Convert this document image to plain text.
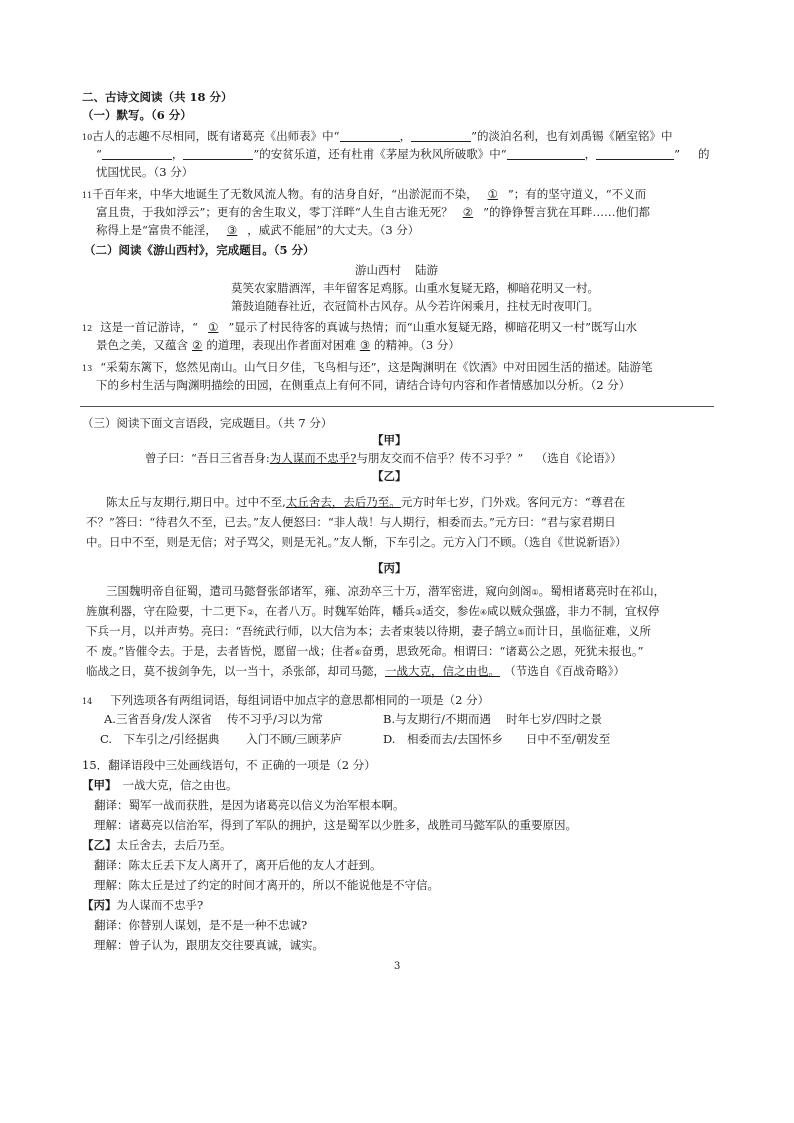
二、古诗文阅读（共 18 分）
（一）默写。（6 分）
10古人的志趣不尽相同，既有诸葛亮《出师表》中“	，	”的淡泊名利，也有刘禹锡《陋室铭》中
“	，	”的安贫乐道，还有杜甫《茅屋为秋风所破歌》中“	，	” 的
忧国忧民。（3 分）
11千百年来，中华大地诞生了无数风流人物。有的洁身自好，“出淤泥而不染， ① ”；有的坚守道义，“不义而
富且贵，于我如浮云”；更有的舍生取义，零丁洋畔“人生自古谁无死？ ② ”的铮铮誓言犹在耳畔……他们都
称得上是“富贵不能淫， ③ ，威武不能屈”的大丈夫。（3 分）
（二）阅读《游山西村》，完成题目。（5 分）
游山西村 陆游
莫笑农家腊酒浑，丰年留客足鸡豚。山重水复疑无路，柳暗花明又一村。
箫鼓追随春社近，衣冠简朴古风存。从今若许闲乘月，拄杖无时夜叩门。
12 这是一首记游诗，“ ① ”显示了村民待客的真诚与热情；而“山重水复疑无路，柳暗花明又一村”既写山水
景色之美，又蕴含 ② 的道理，表现出作者面对困难 ③ 的精神。（3 分）
13 “采菊东篱下，悠然见南山。山气日夕佳，飞鸟相与还”，这是陶渊明在《饮酒》中对田园生活的描述。陆游笔
下的乡村生活与陶渊明描绘的田园，在侧重点上有何不同，请结合诗句内容和作者情感加以分析。（2 分）
（三）阅读下面文言语段，完成题目。（共 7 分）
【甲】
曾子曰：“吾日三省吾身:为人谋而不忠乎?与朋友交而不信乎？传不习乎？” （选自《论语》）
【乙】
陈太丘与友期行,期日中。过中不至,太丘舍去，去后乃至。元方时年七岁，门外戏。客问元方：“尊君在
不？”答曰：“待君久不至，已去。”友人便怒曰：“非人哉！与人期行，相委而去。”元方曰：“君与家君期日
中。日中不至，则是无信；对子骂父，则是无礼。”友人惭，下车引之。元方入门不顾。（选自《世说新语》）
【丙】
三国魏明帝自征蜀，遣司马懿督张郃诸军，雍、凉劲卒三十万，潜军密进，窥向剑阁①。蜀相诸葛亮时在祁山，
旌旗利器，守在险要，十二更下②，在者八万。时魏军始阵，幡兵③适交，参佐④咸以贼众强盛，非力不制，宜权停
下兵一月，以并声势。亮曰：“吾统武行师，以大信为本；去者束装以待期，妻子鹄立⑤而计日，虽临征难，义所
不 废。”皆催令去。于是，去者皆悦，愿留一战；住者⑥奋勇，思致死命。相谓曰：“诸葛公之恩，死犹未报也。”
临战之日，莫不拔剑争先，以一当十，杀张郃，却司马懿，一战大克，信之由也。 （节选自《百战奇略》）
14 下列选项各有两组词语，每组词语中加点字的意思都相同的一项是（2 分）
A.三省吾身/发人深省　 传不习乎/习以为常	B.与友期行/不期而遇　 时年七岁/四时之景
C.　下车引之/引经据典　　 入门不顾/三顾茅庐	D.　相委而去/去国怀乡　　日中不至/朝发至
15．翻译语段中三处画线语句，不 正确的一项是（2 分）
【甲】 一战大克，信之由也。
翻译：蜀军一战而获胜，是因为诸葛亮以信义为治军根本啊。
理解：诸葛亮以信治军，得到了军队的拥护，这是蜀军以少胜多，战胜司马懿军队的重要原因。
【乙】太丘舍去，去后乃至。
翻译：陈太丘丢下友人离开了，离开后他的友人才赶到。
理解：陈太丘是过了约定的时间才离开的，所以不能说他是不守信。
【丙】为人谋而不忠乎?
翻译：你替别人谋划，是不是一种不忠诚?
理解：曾子认为，跟朋友交往要真诚，诚实。
3
